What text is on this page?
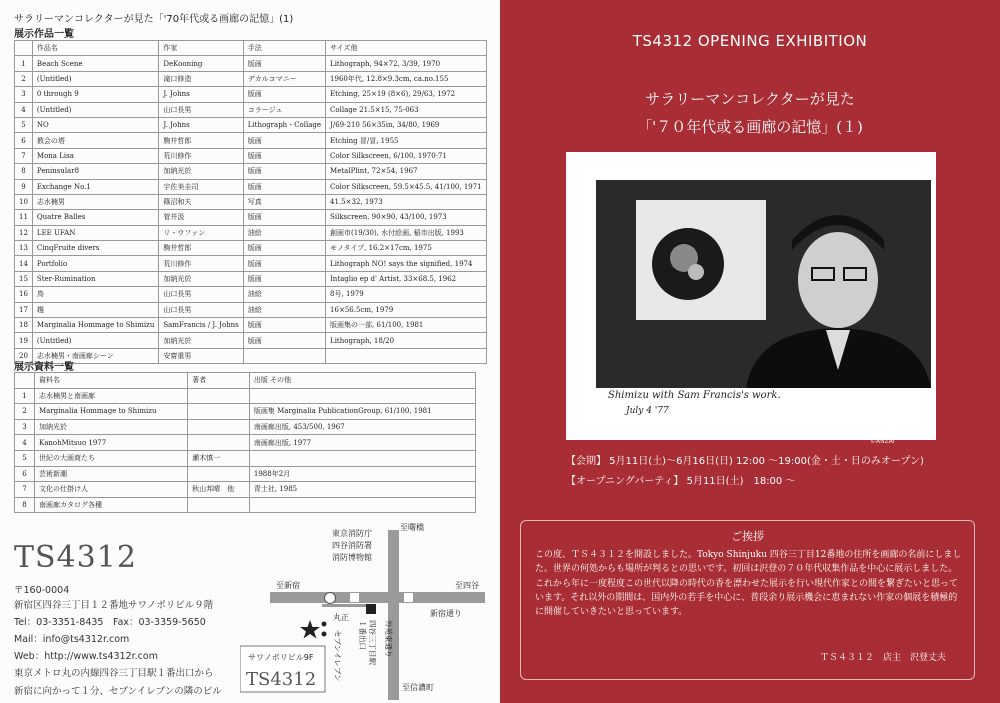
サラリーマンコレクターが見た「'70年代或る画廊の記憶」(1)
展示作品一覧
	作品名	作家	手法	サイズ他
1	Beach Scene	DeKooning	版画	Lithograph, 94×72, 3/39, 1970
2	(Untitled)	滝口修造	デカルコマニー	1960年代, 12.8×9.3cm, ca.no.155
3	0 through 9	J. Johns	版画	Etching, 25×19 (8×6), 29/63, 1972
4	(Untitled)	山口長男	コラージュ	Collage 21.5×15, 75-063
5	NO	J. Johns	Lithograph・Collage	J/69-210 56×35in, 34/80, 1969
6	教会の塔	駒井哲郎	版画	Etching 冒/冒, 1955
7	Mona Lisa	荒川修作	版画	Color Silkscreen, 6/100, 1970-71
8	Peninsular8	加納光於	版画	MetalPlint, 72×54, 1967
9	Exchange No.1	宇佐美圭司	版画	Color Silkscreen, 59.5×45.5, 41/100, 1971
10	志水楠男	篠沼和夫	写真	41.5×32, 1973
11	Quatre Balles	菅井汲	版画	Silkscreen, 90×90, 43/100, 1973
12	LEE UFAN	リ・ウファン	油絵	創画市(19/30), 水付絵画, 稲市出版, 1993
13	CinqFruite divers	駒井哲郎	版画	モノタイプ, 16.2×17cm, 1975
14	Portfolio	荒川修作	版画	Lithograph NO! says the signified, 1974
15	Ster-Rumination	加納光於	版画	Intaglio ep d' Artist, 33×68.5, 1962
16	鳥	山口長男	油絵	8号, 1979
17	趨	山口長男	油絵	16×56.5cm, 1979
18	Marginalia Hommage to Shimizu	SamFrancis / J. Johns	版画	版画集の一部, 61/100, 1981
19	(Untitled)	加納光於	版画	Lithograph, 18/20
20	志水楠男・南画廊シーン	安齋重男		
展示資料一覧
	資料名	著者	出版 その他
1	志水楠男と南画廊		
2	Marginalia Hommage to Shimizu		版画集 Marginalia PublicationGroup, 61/100, 1981
3	加納光於		南画廊出版, 453/500, 1967
4	KanohMitsuo 1977		南画廊出版, 1977
5	世紀の大画商たち	瀬木慎一	
6	芸術新潮		1988年2月
7	文化の仕掛け人	秋山邦晴　他	青土社, 1985
8	南画廊カタログ各種		
TS4312
〒160-0004
新宿区四谷三丁目１２番地サワノボリビル９階
Tel：03-3351-8435　Fax：03-3359-5650
Mail：info@ts4312r.com
Web：http://www.ts4312r.com
東京メトロ丸の内線四谷三丁目駅１番出口から
新宿に向かって１分、セブンイレブンの隣のビル
東京消防庁
四谷消防署
消防博物館
至曙橋
至新宿	至四谷
新宿通り
丸正
至信濃町
セブンイレブン	四谷三丁目駅
１番出口 外苑東通り
サワノボリビル9F
TS4312
TS4312 OPENING EXHIBITION
サラリーマンコレクターが見た
「'７０年代或る画廊の記憶」(１)
Shimizu with Sam Francis's work.
July 4 '77
©ANZAI
【会期】 5月11日(土)～6月16日(日) 12:00 ～19:00(金・土・日のみオープン)
【オープニングパーティ】 5月11日(土)　18:00 ～
ご挨拶
この度、ＴＳ４３１２を開設しました。Tokyo Shinjuku 四谷三丁目12番地の住所を画廊の名前にしました。世界の何処からも場所が判るとの思いです。初回は沢登の７０年代収集作品を中心に展示しました。これから年に一度程度この世代以降の時代の香を漂わせた展示を行い現代作家との間を繋ぎたいと思っています。それ以外の期間は、国内外の若手を中心に、普段余り展示機会に恵まれない作家の個展を積極的に開催していきたいと思っています。
ＴＳ４３１２　店主　沢登丈夫
